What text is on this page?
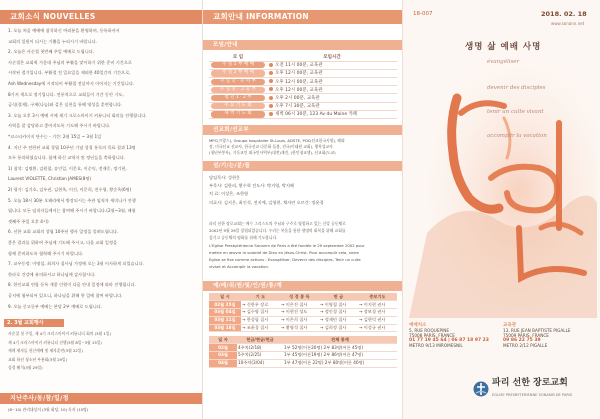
교회소식 NOUVELLES
1. 오늘 처음 예배에 참석하신 여러분을 환영하며, 등록하셔서
교회의 일원이 되시는 기쁨을 누리시기 바랍니다.
2. 오늘은 사순절 첫번째 주일 예배로 드립니다.
사순절은 교회력 가운데 주님의 부활을 맞이하기 위한 준비 기간으로
시작된 절기입니다. 부활절 전 일요일을 제외한 40일간의 기간으로,
Ash Wednesday에 시작되어 부활절 전날까지 이어지는 기간입니다.
8가지 색으로 정기입니다. 전통적으로 교회들이 기간 동안 기도,
금식(절제), 구제(나눔)와 같은 실천을 통해 영성을 훈련합니다.
3. 오늘 오후 3시 예배 시에 제기 크로스마이키 커뮤니티 회의를 진행합니다.
사역을 잘 감당하고 좋아지도록 기도해 주시기 바랍니다.
*코스티카이지 단수는 - 기간: 2월 15일 ~ 3월 1일
4. 지난 주 전편된 교회 창립 10주년 기념 성경 통독의 목표 결과 13명
모두 통과하였습니다. 함께 하신 교역자 및 정년들을 축하합니다.
1) 참석: 김명환, 김원철, 송인일, 이문호, 이순익, 전재웅, 정기현,
Laurent VIOLETTE, Christian JAMES(8명)
2) 평가: 김기호, 김우권, 김현옥, 이건, 이문희, 전수형, 황순옥(6명)
5. 오늘 18시 30분 오페라에서 방장되시는 주관 임직자 세미나가 진행
됩니다. 모든 임직자들께서는 참여해 주시기 바랍니다.(2월~3월, 매월
셋째주 주일 오후 4시)
6. 선한 교회 교회의 창립 10주년 행사 일정을 알려드립니다.
좋은 결과를 위하여 주님께 기도해 주시고, 다음 교회 일정을
함께 준비하도록 협력해 주시기 바랍니다.
7. 교우동정: 이명섭, 최희자 집사님 가정에 오는 3월 이사하게 되었습니다.
한파로 건강에 유의하시고 하나님께 감사합시다.
8. 한인교회 연합 등록 개종 인원이 다음 안내 일정에 따라 진행됩니다.
공지에 첨부되어 있으니, 하나님을 위해 한 일에 참여 바랍니다.
9. 오늘 중고등부 예배는 본당 2부 예배로 드립니다.
2. 3월 교회행사
사순절 첫 주일, 제 4기 크리스마이키 커뮤니티 회의 (3월 1일)
제 4기 크리스마이키 커뮤니티 진행(3월 8일~3월 15일)
세계 제자들 헌신예배 및 제자훈련(3월 22일)
교회 하선 청소년 부흥회(3월 29일)
성경 해석(3월 29일)
지난주사/동/참/일/정
(8~10) 관리대상지 (3월 회당, 10) 독자 (10명)
교회안내 INFORMATION
모임/안내
모 임	모임시간
주 일 1 부 예 배	오전 11시 00분, 교육관
주 일 2 부 예 배	오후 12시 00분, 교육관
주 일 학 · 유 아 부	오후 12시 00분, 교육관
주 일 중 · 고 등 부	오후 12시 00분, 교육관
청 년 1 · 2 부	오후 2시 00분, 교육관
수 요 기 도 회	오후 7시 30분, 교육관
새 벽 기 도 회	새벽 06시 30분, 123 Av du Maine 카페
선교회/선교부
MPC(프랑스), Groupe hospitalier St-Louis, ADSTE, PCK(선교한국지원), 해외
정, 미국선교 선교사, 한국선교 다문화 돌봄, 전국(이태원 교회), 행복성교사
(청년부봉사), 기독교인 외국인사역부(대전)재건, (한인청교생), 선교회(도교)
섬/기/는/분/들
담임목사: 성현웅
부목사: 김한리, 황수혁 전도사: 박지영, 박지혜
치 료: 이상은, 조한영
의료사: 김지은, 최인석, 전지예, 김영현, 채자연 오르간: 정윤경
파리 선한 장로교회는 예수 그리스도의 주님과 구주로 영접하고 있는 신앙 공동체로
2002년 9월 29일 창립되었습니다. 우리는 복음을 통한 생명의 회복을 위해 교회를
섬기고 공동체의 평화를 위해 기도합니다.
L'Eglise Presbytérienne Sonanm de Paris a été fondée le 29 septembre 2002 pour
mettre en œuvre la volonté de Dieu en Jésus-Christ. Pour accomplir cela, notre
Eglise se fixe comme actions : Evangéliser, Devenir des disciples, Tenir un culte
vivant et Accomplir la vocation.
예/배/위/원/및/인/원/통/계
일 시	기 도	성 경 봉 독	헌 금	중보기도
02월 25일	→ 신한우 장로	→ 이은진 집사	→ 이영철 집사	→ 이지현 권사
03월 04일	→ 김수영 집사	→ 이현진 성도	→ 정인경 집사	→ 장보경 권사
03월 11일	→ 한성필 집사	→ 이은희 집사	→ 정재민 집사	→ 김현덕 권사
03월 18일	→ 조윤경 집사	→ 황영석 집사	→ 김희정 집사	→ 이성규 권사
일 자	헌금/현금/헌금	전체 통계
02월	4주차(2/18)	1부 52명(어른20명) 2부 83명(어른 45명)
03월	5주차(2/25)	1부 45명(어른19명) 2부 86명(어른 47명)
04월	10주차(3/04)	1부 47명(어른 22명) 2부 80명(어른 46명)
18-007	2018. 02. 18
www.sonann.net
생명 삶 예배 사명
évangéliser
devenir des disciples
tenir un culte vivant
accomplir la vocation
예배처소
5, RUE ROQUEPINE
75008 PARIS, FRANCE
01 77 19 45 64 | 06 87 18 97 23
METRO 9/13 MIROMESNIL
교육관
13, RUE JEAN BAPTISTE PIGALLE
75009 PARIS, FRANCE
09 86 22 75 39
METRO 2/12 PIGALLE
파리 선한 장로교회
EGLISE PRESBYTERIENNE SONANM DE PARIS
